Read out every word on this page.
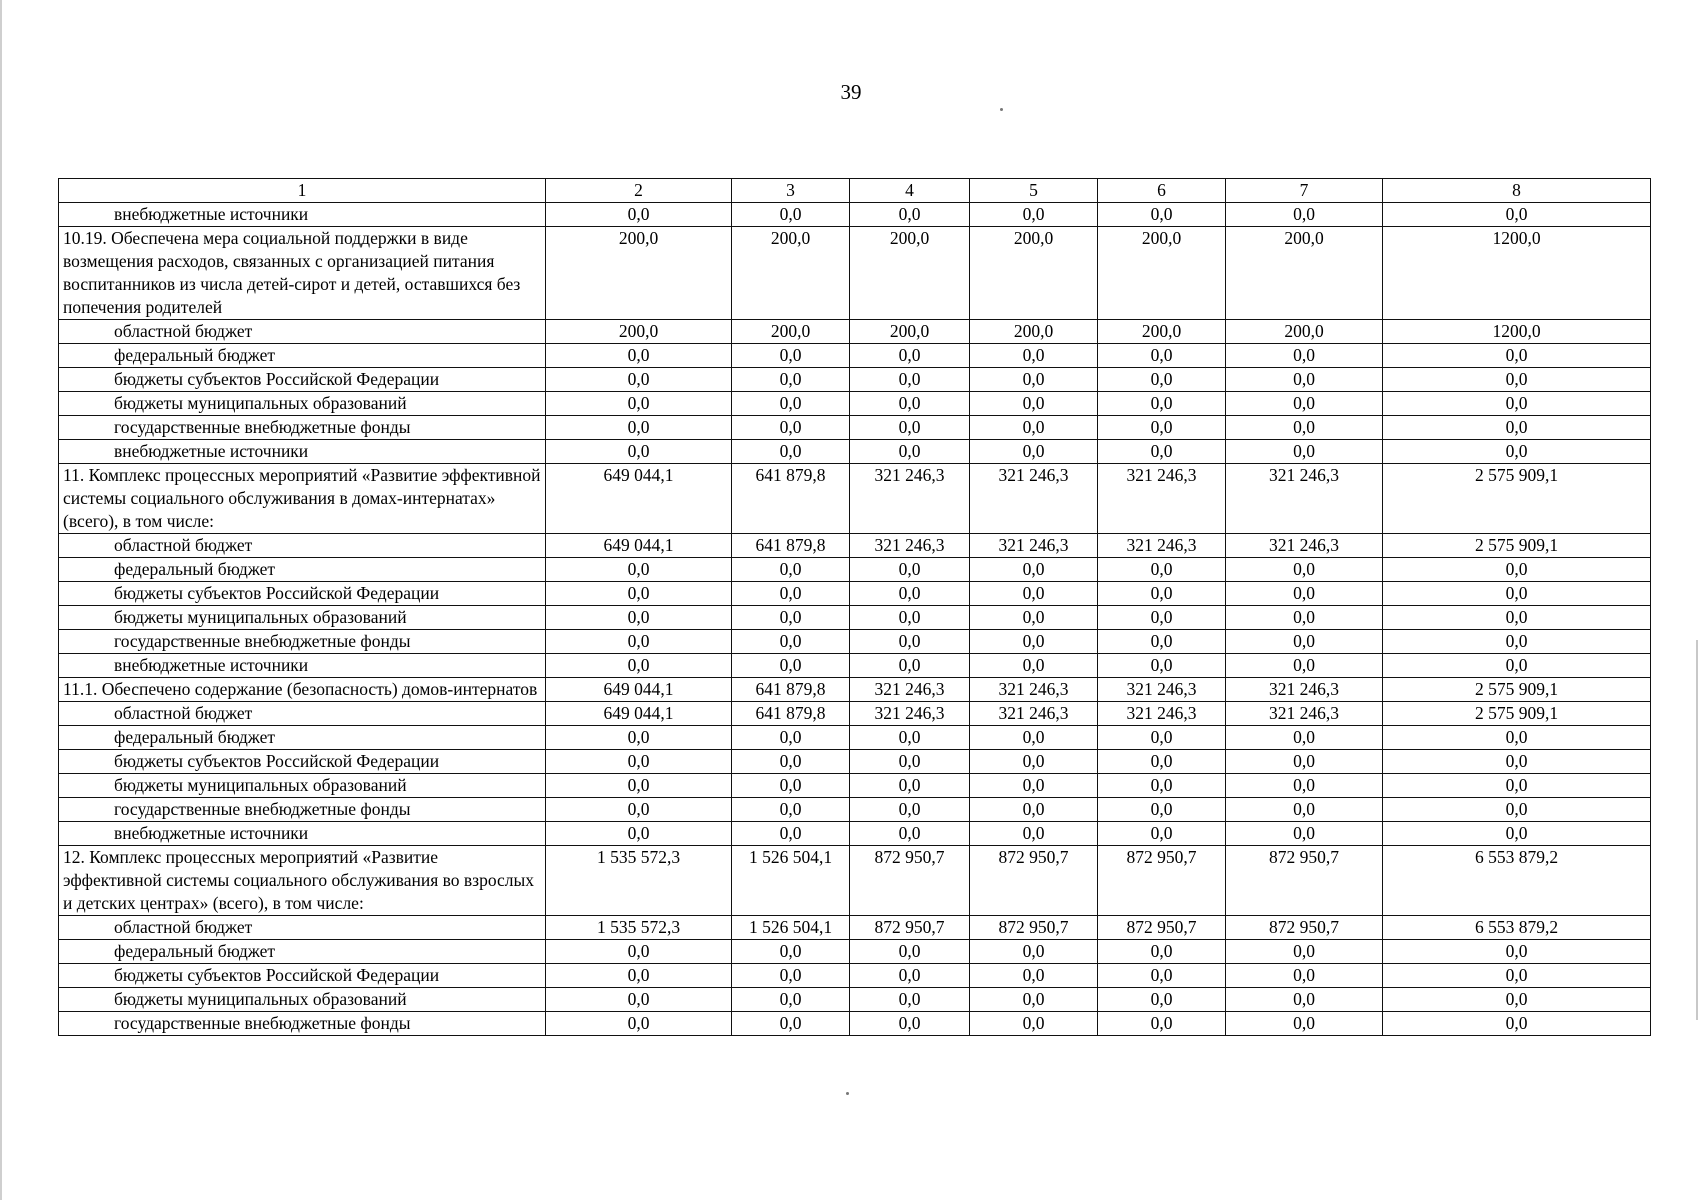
39
1	2	3	4	5	6	7	8
внебюджетные источники	0,0	0,0	0,0	0,0	0,0	0,0	0,0
10.19. Обеспечена мера социальной поддержки в виде возмещения расходов, связанных с организацией питания воспитанников из числа детей-сирот и детей, оставшихся без попечения родителей	200,0	200,0	200,0	200,0	200,0	200,0	1200,0
областной бюджет	200,0	200,0	200,0	200,0	200,0	200,0	1200,0
федеральный бюджет	0,0	0,0	0,0	0,0	0,0	0,0	0,0
бюджеты субъектов Российской Федерации	0,0	0,0	0,0	0,0	0,0	0,0	0,0
бюджеты муниципальных образований	0,0	0,0	0,0	0,0	0,0	0,0	0,0
государственные внебюджетные фонды	0,0	0,0	0,0	0,0	0,0	0,0	0,0
внебюджетные источники	0,0	0,0	0,0	0,0	0,0	0,0	0,0
11. Комплекс процессных мероприятий «Развитие эффективной системы социального обслуживания в домах-интернатах» (всего), в том числе:	649 044,1	641 879,8	321 246,3	321 246,3	321 246,3	321 246,3	2 575 909,1
областной бюджет	649 044,1	641 879,8	321 246,3	321 246,3	321 246,3	321 246,3	2 575 909,1
федеральный бюджет	0,0	0,0	0,0	0,0	0,0	0,0	0,0
бюджеты субъектов Российской Федерации	0,0	0,0	0,0	0,0	0,0	0,0	0,0
бюджеты муниципальных образований	0,0	0,0	0,0	0,0	0,0	0,0	0,0
государственные внебюджетные фонды	0,0	0,0	0,0	0,0	0,0	0,0	0,0
внебюджетные источники	0,0	0,0	0,0	0,0	0,0	0,0	0,0
11.1. Обеспечено содержание (безопасность) домов-интернатов	649 044,1	641 879,8	321 246,3	321 246,3	321 246,3	321 246,3	2 575 909,1
областной бюджет	649 044,1	641 879,8	321 246,3	321 246,3	321 246,3	321 246,3	2 575 909,1
федеральный бюджет	0,0	0,0	0,0	0,0	0,0	0,0	0,0
бюджеты субъектов Российской Федерации	0,0	0,0	0,0	0,0	0,0	0,0	0,0
бюджеты муниципальных образований	0,0	0,0	0,0	0,0	0,0	0,0	0,0
государственные внебюджетные фонды	0,0	0,0	0,0	0,0	0,0	0,0	0,0
внебюджетные источники	0,0	0,0	0,0	0,0	0,0	0,0	0,0
12. Комплекс процессных мероприятий «Развитие эффективной системы социального обслуживания во взрослых и детских центрах» (всего), в том числе:	1 535 572,3	1 526 504,1	872 950,7	872 950,7	872 950,7	872 950,7	6 553 879,2
областной бюджет	1 535 572,3	1 526 504,1	872 950,7	872 950,7	872 950,7	872 950,7	6 553 879,2
федеральный бюджет	0,0	0,0	0,0	0,0	0,0	0,0	0,0
бюджеты субъектов Российской Федерации	0,0	0,0	0,0	0,0	0,0	0,0	0,0
бюджеты муниципальных образований	0,0	0,0	0,0	0,0	0,0	0,0	0,0
государственные внебюджетные фонды	0,0	0,0	0,0	0,0	0,0	0,0	0,0
